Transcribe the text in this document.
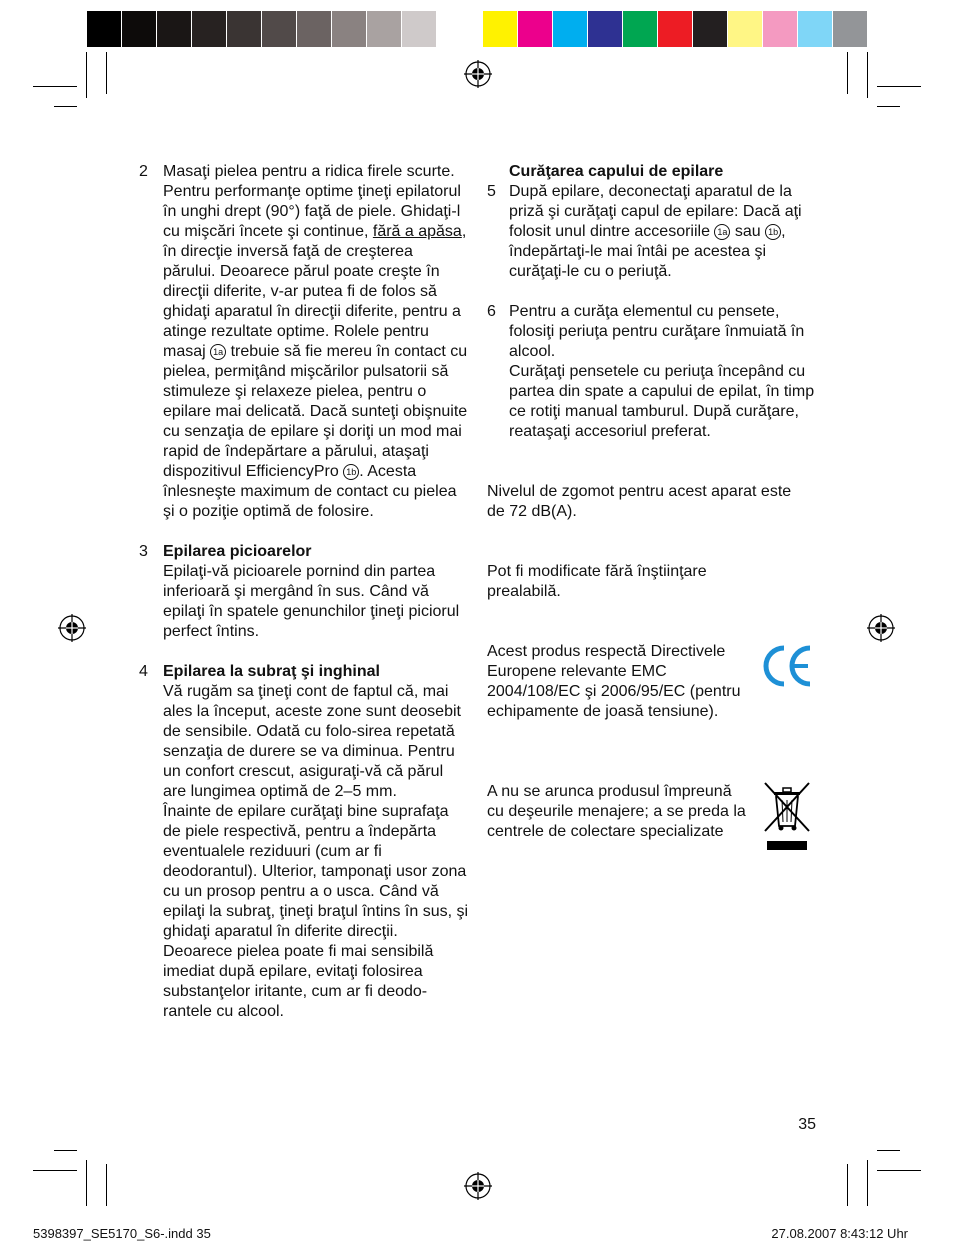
2 Masaţi pielea pentru a ridica firele scurte. Pentru performanţe optime ţineţi epilatorul în unghi drept (90°) faţă de piele. Ghidaţi-l cu mişcări încete şi continue, fără a apăsa, în direcţie inversă faţă de creşterea părului. Deoarece părul poate creşte în direcţii diferite, v-ar putea fi de folos să ghidaţi aparatul în direcţii diferite, pentru a atinge rezultate optime. Rolele pentru masaj 1a trebuie să fie mereu în contact cu pielea, permiţând mişcărilor pulsatorii să stimuleze şi relaxeze pielea, pentru o epilare mai delicată. Dacă sunteţi obişnuite cu senzaţia de epilare şi doriţi un mod mai rapid de îndepărtare a părului, ataşaţi dispozitivul EfficiencyPro 1b . Acesta înlesneşte maximum de contact cu pielea şi o poziţie optimă de folosire.
3 Epilarea picioarelor
Epilaţi-vă picioarele pornind din partea inferioară şi mergând în sus. Când vă epilaţi în spatele genunchilor ţineţi piciorul perfect întins.
4 Epilarea la subraţ şi inghinal
Vă rugăm sa ţineţi cont de faptul că, mai ales la început, aceste zone sunt deosebit de sensibile. Odată cu folo-sirea repetată senzaţia de durere se va diminua. Pentru un confort crescut, asiguraţi-vă că părul are lungimea optimă de 2–5 mm.
Înainte de epilare curăţaţi bine suprafaţa de piele respectivă, pentru a îndepărta eventualele reziduuri (cum ar fi deodorantul). Ulterior, tamponaţi usor zona cu un prosop pentru a o usca. Când vă epilaţi la subraţ, ţineţi braţul întins în sus, şi ghidaţi aparatul în diferite direcţii.
Deoarece pielea poate fi mai sensibilă imediat după epilare, evitaţi folosirea substanţelor iritante, cum ar fi deodo-rantele cu alcool.
Curăţarea capului de epilare
5 După epilare, deconectaţi aparatul de la priză şi curăţaţi capul de epilare: Dacă aţi folosit unul dintre accesoriile 1a sau 1b , îndepărtaţi-le mai întâi pe acestea şi curăţaţi-le cu o periuţă.
6 Pentru a curăţa elementul cu pensete, folosiţi periuţa pentru curăţare înmuiată în alcool.
Curăţaţi pensetele cu periuţa începând cu partea din spate a capului de epilat, în timp ce rotiţi manual tamburul. După curăţare, reataşaţi accesoriul preferat.
Nivelul de zgomot pentru acest aparat este de 72 dB(A).
Pot fi modificate fără înştiinţare prealabilă.
Acest produs respectă Directivele Europene relevante EMC 2004/108/EC şi 2006/95/EC (pentru echipamente de joasă tensiune).
A nu se arunca produsul împreună cu deşeurile menajere; a se preda la centrele de colectare specializate
35
5398397_SE5170_S6-.indd 35	27.08.2007 8:43:12 Uhr
